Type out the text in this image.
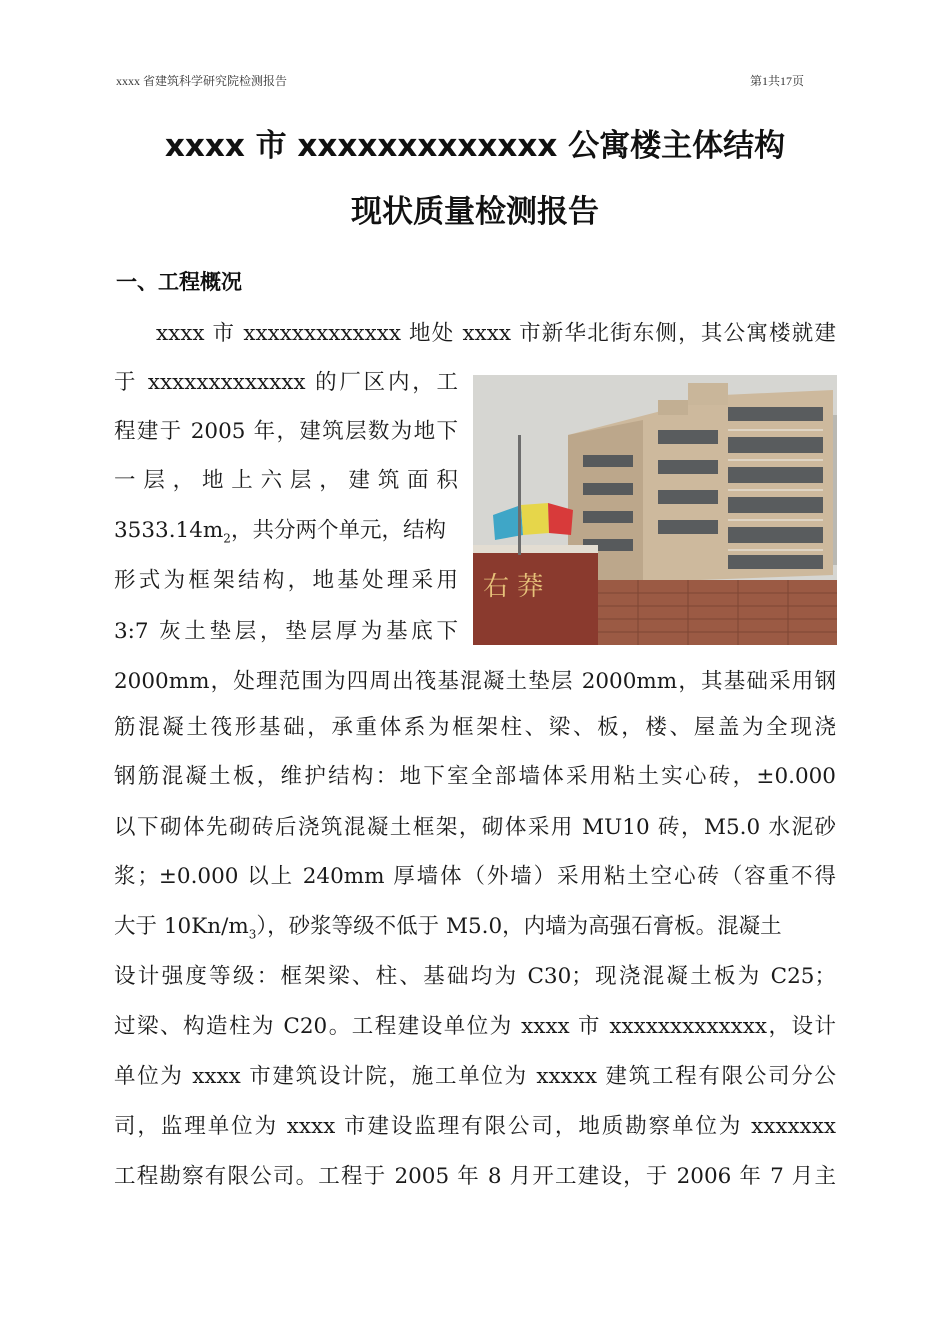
xxxx 省建筑科学研究院检测报告	第1共17页
xxxx 市 xxxxxxxxxxxxx 公寓楼主体结构
现状质量检测报告
一、工程概况
xxxx 市 xxxxxxxxxxxxx 地处 xxxx 市新华北街东侧，其公寓楼就建
于 xxxxxxxxxxxxx 的厂区内，工
程建于 2005 年，建筑层数为地下
一层，地上六层，建筑面积
$3533.14m_2$，共分两个单元，结构
形式为框架结构，地基处理采用
3:7 灰土垫层，垫层厚为基底下
2000mm，处理范围为四周出筏基混凝土垫层 2000mm，其基础采用钢
筋混凝土筏形基础，承重体系为框架柱、梁、板，楼、屋盖为全现浇
钢筋混凝土板，维护结构：地下室全部墙体采用粘土实心砖，±0.000
以下砌体先砌砖后浇筑混凝土框架，砌体采用 MU10 砖，M5.0 水泥砂
浆；±0.000 以上 240mm 厚墙体（外墙）采用粘土空心砖（容重不得
大于 $10Kn/m_3$），砂浆等级不低于 M5.0，内墙为高强石膏板。混凝土
设计强度等级：框架梁、柱、基础均为 C30；现浇混凝土板为 C25；
过梁、构造柱为 C20。工程建设单位为 xxxx 市 xxxxxxxxxxxxx，设计
单位为 xxxx 市建筑设计院，施工单位为 xxxxx 建筑工程有限公司分公
司，监理单位为 xxxx 市建设监理有限公司，地质勘察单位为 xxxxxxx
工程勘察有限公司。工程于 2005 年 8 月开工建设，于 2006 年 7 月主
右 莽
